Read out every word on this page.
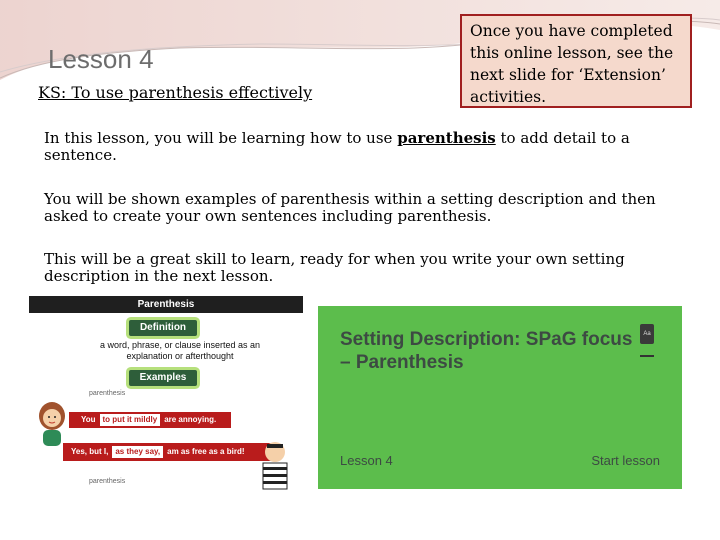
Lesson 4
KS: To use parenthesis effectively
Once you have completed this online lesson, see the next slide for ‘Extension’ activities.
In this lesson, you will be learning how to use parenthesis to add detail to a sentence.
You will be shown examples of parenthesis within a setting description and then asked to create your own sentences including parenthesis.
This will be a great skill to learn, ready for when you write your own setting description in the next lesson.
Parenthesis
Definition
a word, phrase, or clause inserted as an explanation or afterthought
Examples
parenthesis
You to put it mildly are annoying.
Yes, but I, as they say, am as free as a bird!
parenthesis
Setting Description: SPaG focus – Parenthesis
Aa
Lesson 4	Start lesson
